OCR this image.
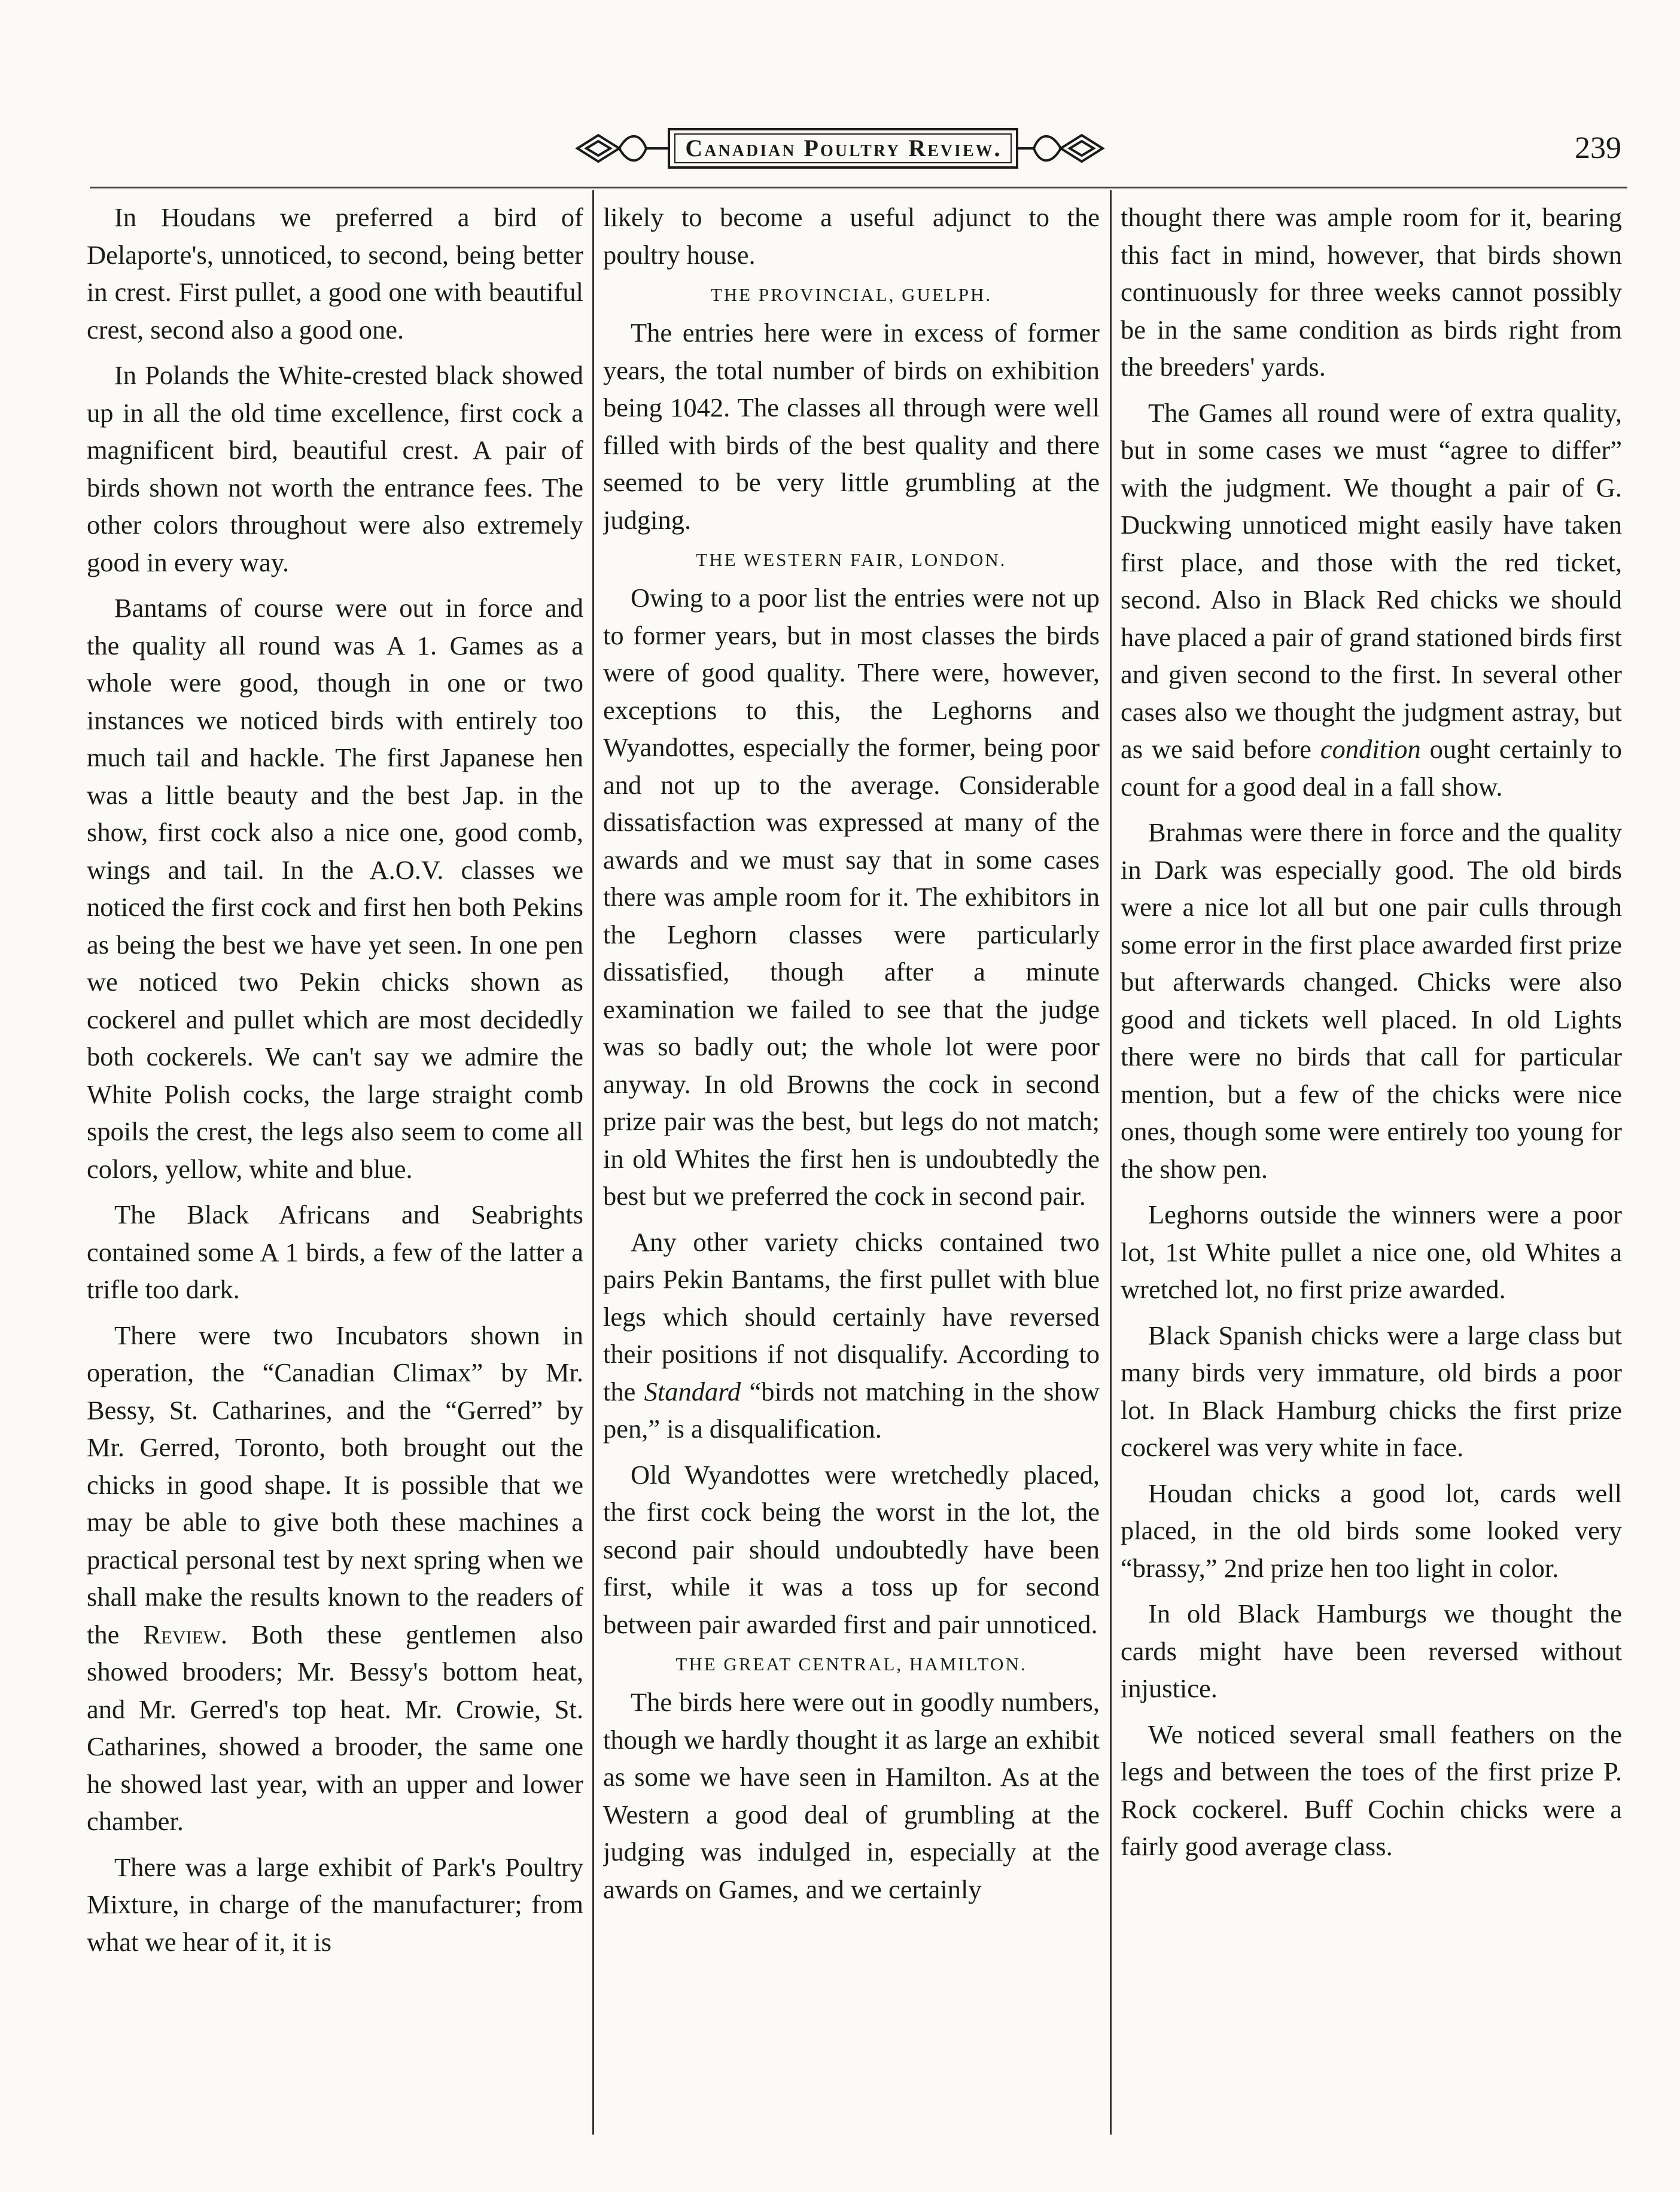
Canadian Poultry Review.	239

In Houdans we preferred a bird of Delaporte's, unnoticed, to second, being better in crest. First pullet, a good one with beautiful crest, second also a good one.

In Polands the White-crested black showed up in all the old time excellence, first cock a magnificent bird, beautiful crest. A pair of birds shown not worth the entrance fees. The other colors throughout were also extremely good in every way.

Bantams of course were out in force and the quality all round was A 1. Games as a whole were good, though in one or two instances we noticed birds with entirely too much tail and hackle. The first Japanese hen was a little beauty and the best Jap. in the show, first cock also a nice one, good comb, wings and tail. In the A.O.V. classes we noticed the first cock and first hen both Pekins as being the best we have yet seen. In one pen we noticed two Pekin chicks shown as cockerel and pullet which are most decidedly both cockerels. We can't say we admire the White Polish cocks, the large straight comb spoils the crest, the legs also seem to come all colors, yellow, white and blue.

The Black Africans and Seabrights contained some A 1 birds, a few of the latter a trifle too dark.

There were two Incubators shown in operation, the “Canadian Climax” by Mr. Bessy, St. Catharines, and the “Gerred” by Mr. Gerred, Toronto, both brought out the chicks in good shape. It is possible that we may be able to give both these machines a practical personal test by next spring when we shall make the results known to the readers of the Review. Both these gentlemen also showed brooders; Mr. Bessy's bottom heat, and Mr. Gerred's top heat. Mr. Crowie, St. Catharines, showed a brooder, the same one he showed last year, with an upper and lower chamber.

There was a large exhibit of Park's Poultry Mixture, in charge of the manufacturer; from what we hear of it, it is

likely to become a useful adjunct to the poultry house.

THE PROVINCIAL, GUELPH.

The entries here were in excess of former years, the total number of birds on exhibition being 1042. The classes all through were well filled with birds of the best quality and there seemed to be very little grumbling at the judging.

THE WESTERN FAIR, LONDON.

Owing to a poor list the entries were not up to former years, but in most classes the birds were of good quality. There were, however, exceptions to this, the Leghorns and Wyandottes, especially the former, being poor and not up to the average. Considerable dissatisfaction was expressed at many of the awards and we must say that in some cases there was ample room for it. The exhibitors in the Leghorn classes were particularly dissatisfied, though after a minute examination we failed to see that the judge was so badly out; the whole lot were poor anyway. In old Browns the cock in second prize pair was the best, but legs do not match; in old Whites the first hen is undoubtedly the best but we preferred the cock in second pair.

Any other variety chicks contained two pairs Pekin Bantams, the first pullet with blue legs which should certainly have reversed their positions if not disqualify. According to the Standard “birds not matching in the show pen,” is a disqualification.

Old Wyandottes were wretchedly placed, the first cock being the worst in the lot, the second pair should undoubtedly have been first, while it was a toss up for second between pair awarded first and pair unnoticed.

THE GREAT CENTRAL, HAMILTON.

The birds here were out in goodly numbers, though we hardly thought it as large an exhibit as some we have seen in Hamilton. As at the Western a good deal of grumbling at the judging was indulged in, especially at the awards on Games, and we certainly

thought there was ample room for it, bearing this fact in mind, however, that birds shown continuously for three weeks cannot possibly be in the same condition as birds right from the breeders' yards.

The Games all round were of extra quality, but in some cases we must “agree to differ” with the judgment. We thought a pair of G. Duckwing unnoticed might easily have taken first place, and those with the red ticket, second. Also in Black Red chicks we should have placed a pair of grand stationed birds first and given second to the first. In several other cases also we thought the judgment astray, but as we said before condition ought certainly to count for a good deal in a fall show.

Brahmas were there in force and the quality in Dark was especially good. The old birds were a nice lot all but one pair culls through some error in the first place awarded first prize but afterwards changed. Chicks were also good and tickets well placed. In old Lights there were no birds that call for particular mention, but a few of the chicks were nice ones, though some were entirely too young for the show pen.

Leghorns outside the winners were a poor lot, 1st White pullet a nice one, old Whites a wretched lot, no first prize awarded.

Black Spanish chicks were a large class but many birds very immature, old birds a poor lot. In Black Hamburg chicks the first prize cockerel was very white in face.

Houdan chicks a good lot, cards well placed, in the old birds some looked very “brassy,” 2nd prize hen too light in color.

In old Black Hamburgs we thought the cards might have been reversed without injustice.

We noticed several small feathers on the legs and between the toes of the first prize P. Rock cockerel. Buff Cochin chicks were a fairly good average class.
